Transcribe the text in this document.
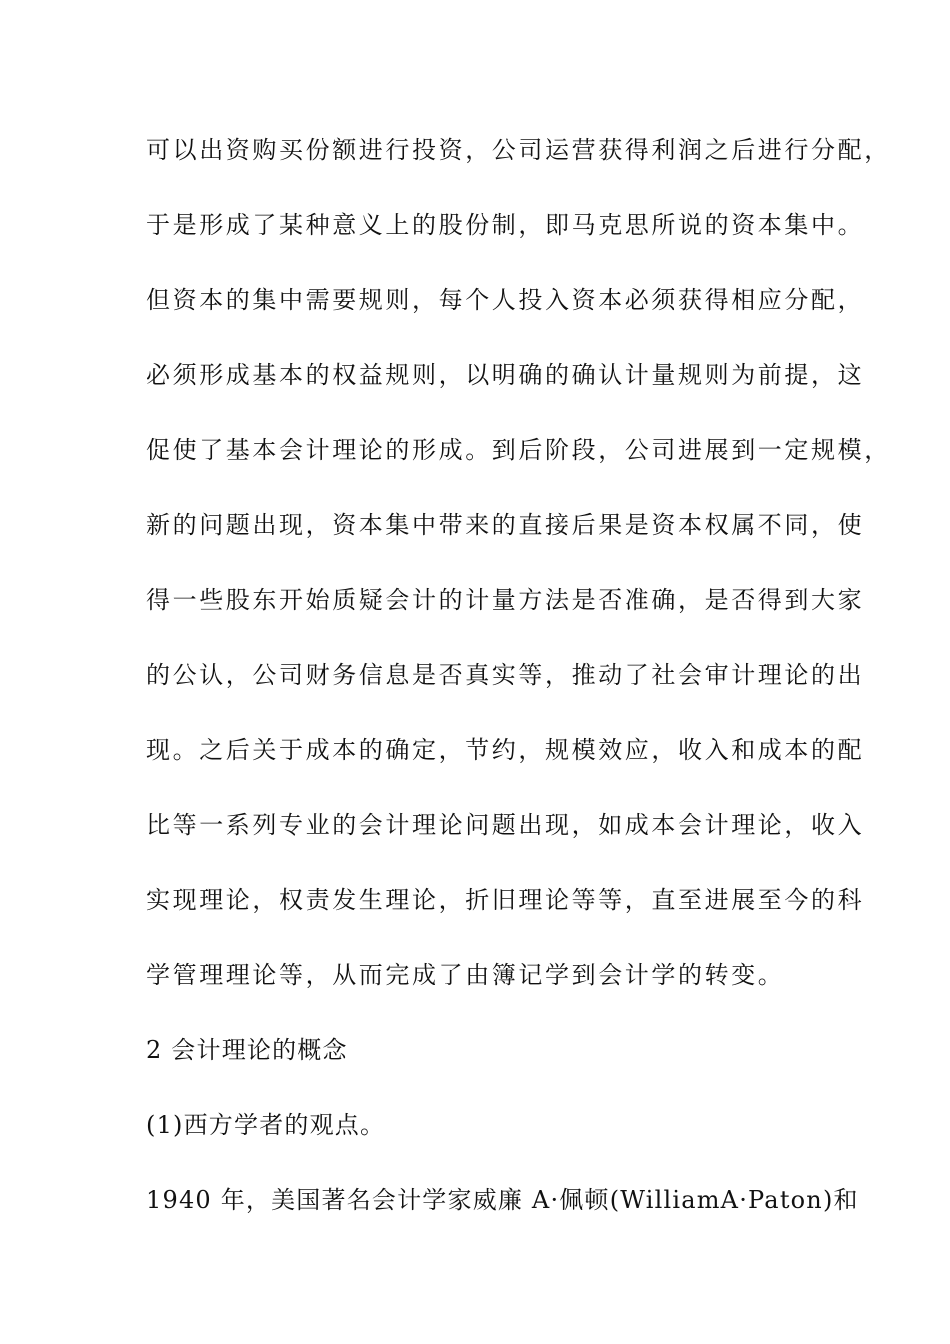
可以出资购买份额进行投资，公司运营获得利润之后进行分配，
于是形成了某种意义上的股份制，即马克思所说的资本集中。
但资本的集中需要规则，每个人投入资本必须获得相应分配，
必须形成基本的权益规则，以明确的确认计量规则为前提，这
促使了基本会计理论的形成。到后阶段，公司进展到一定规模，
新的问题出现，资本集中带来的直接后果是资本权属不同，使
得一些股东开始质疑会计的计量方法是否准确，是否得到大家
的公认，公司财务信息是否真实等，推动了社会审计理论的出
现。之后关于成本的确定，节约，规模效应，收入和成本的配
比等一系列专业的会计理论问题出现，如成本会计理论，收入
实现理论，权责发生理论，折旧理论等等，直至进展至今的科
学管理理论等，从而完成了由簿记学到会计学的转变。
2 会计理论的概念
(1)西方学者的观点。
1940 年，美国著名会计学家威廉 A·佩顿(WilliamA·Paton)和
